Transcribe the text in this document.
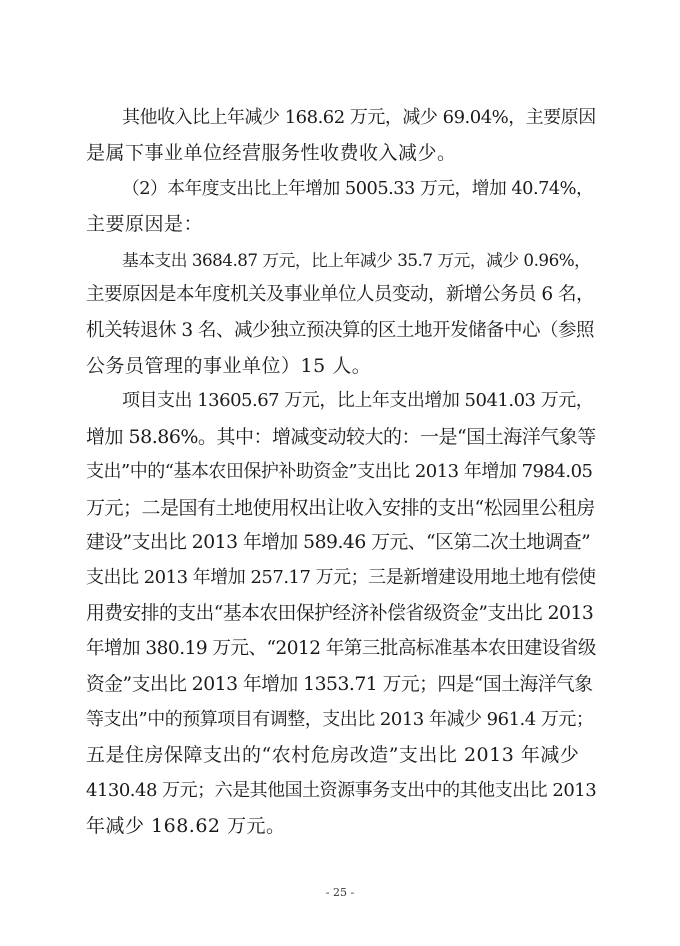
其他收入比上年减少 168.62 万元，减少 69.04%，主要原因
是属下事业单位经营服务性收费收入减少。
（2）本年度支出比上年增加 5005.33 万元，增加 40.74%，
主要原因是：
基本支出 3684.87 万元，比上年减少 35.7 万元，减少 0.96%，
主要原因是本年度机关及事业单位人员变动，新增公务员 6 名，
机关转退休 3 名、减少独立预决算的区土地开发储备中心（参照
公务员管理的事业单位）15 人。
项目支出 13605.67 万元，比上年支出增加 5041.03 万元，
增加 58.86%。其中：增减变动较大的：一是“国土海洋气象等
支出”中的“基本农田保护补助资金”支出比 2013 年增加 7984.05
万元；二是国有土地使用权出让收入安排的支出“松园里公租房
建设”支出比 2013 年增加 589.46 万元、“区第二次土地调查”
支出比 2013 年增加 257.17 万元；三是新增建设用地土地有偿使
用费安排的支出“基本农田保护经济补偿省级资金”支出比 2013
年增加 380.19 万元、“2012 年第三批高标准基本农田建设省级
资金”支出比 2013 年增加 1353.71 万元；四是“国土海洋气象
等支出”中的预算项目有调整，支出比 2013 年减少 961.4 万元；
五是住房保障支出的“农村危房改造”支出比 2013 年减少
4130.48 万元；六是其他国土资源事务支出中的其他支出比 2013
年减少 168.62 万元。
- 25 -
